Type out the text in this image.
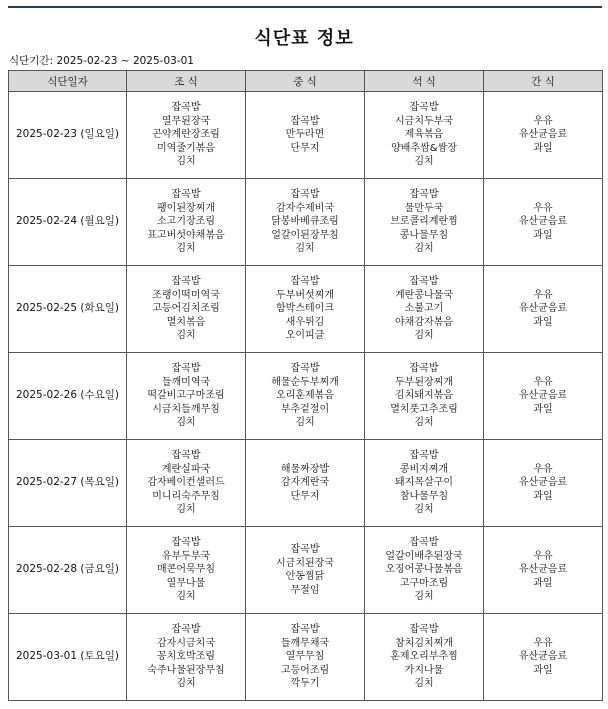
식단표 정보
식단기간: 2025-02-23 ~ 2025-03-01
식단일자	조 식	중 식	석 식	간 식
2025-02-23 (일요일)	잡곡밥
열무된장국
곤약계란장조림
미역줄기볶음
김치	잡곡밥
만두라면
단무지	잡곡밥
시금치두부국
제육볶음
양배추쌈&쌈장
김치	우유
유산균음료
과일

2025-02-24 (월요일)	잡곡밥
팽이된장찌개
소고기장조림
표고버섯야채볶음
김치	잡곡밥
감자수제비국
닭봉바베큐조림
얼갈이된장무침
김치	잡곡밥
물만두국
브로콜리계란찜
콩나물무침
김치	우유
유산균음료
과일

2025-02-25 (화요일)	잡곡밥
조랭이떡미역국
고등어김치조림
멸치볶음
김치	잡곡밥
두부버섯찌개
함박스테이크
새우튀김
오이피클	잡곡밥
계란콩나물국
소불고기
야채감자볶음
김치	우유
유산균음료
과일

2025-02-26 (수요일)	잡곡밥
들깨미역국
떡갈비고구마조림
시금치들깨무침
김치	잡곡밥
해물순두부찌개
오리훈제볶음
부추겉절이
김치	잡곡밥
두부된장찌개
김치돼지볶음
멸치풋고추조림
김치	우유
유산균음료
과일

2025-02-27 (목요일)	잡곡밥
계란실파국
감자베이컨샐러드
미니리숙주무침
김치	해물짜장밥
감자계란국
단무지	잡곡밥
콩비지찌개
돼지목살구이
참나물무침
김치	우유
유산균음료
과일

2025-02-28 (금요일)	잡곡밥
유부두부국
매콘어묵무침
열무나물
김치	잡곡밥
시금치된장국
안동찜닭
무절임	잡곡밥
얼갈이배추된장국
오징어콩나물볶음
고구마조림
김치	우유
유산균음료
과일

2025-03-01 (토요일)	잡곡밥
감자시금치국
꽁치호박조림
숙주나물된장무침
김치	잡곡밥
들깨무채국
열무무침
고등어조림
깍두기	잡곡밥
참치김치찌개
훈제오리부추찜
가지나물
김치	우유
유산균음료
과일
